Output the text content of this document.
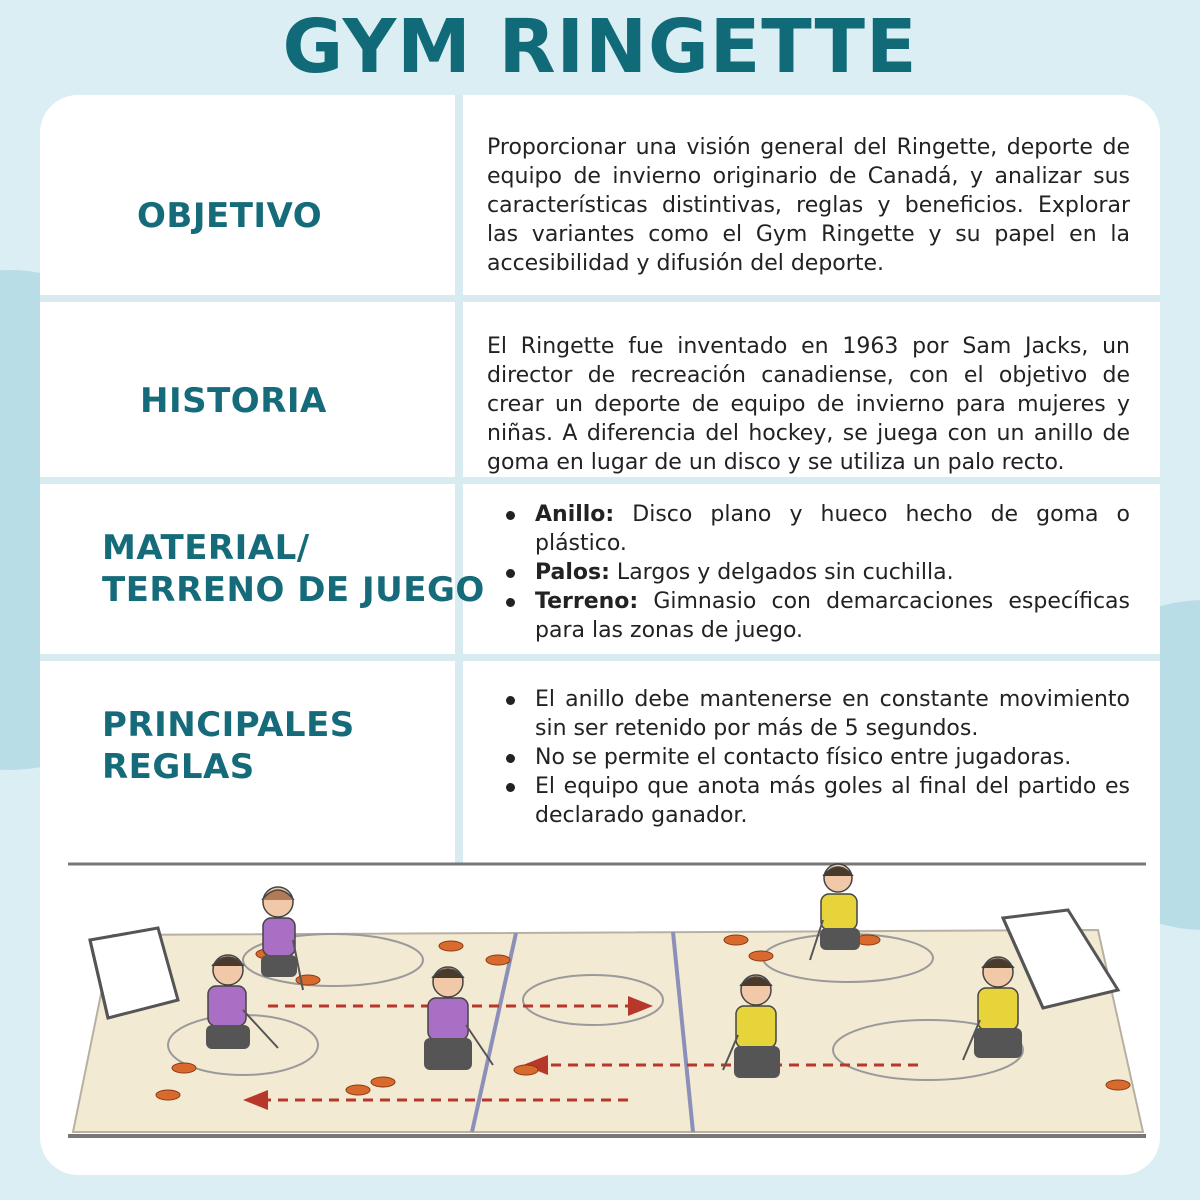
GYM RINGETTE
OBJETIVO

Proporcionar una visión general del Ringette, deporte de equipo de invierno originario de Canadá, y analizar sus características distintivas, reglas y beneficios. Explorar las variantes como el Gym Ringette y su papel en la accesibilidad y difusión del deporte.

HISTORIA

El Ringette fue inventado en 1963 por Sam Jacks, un director de recreación canadiense, con el objetivo de crear un deporte de equipo de invierno para mujeres y niñas. A diferencia del hockey, se juega con un anillo de goma en lugar de un disco y se utiliza un palo recto.

MATERIAL/
TERRENO DE JUEGO
Anillo: Disco plano y hueco hecho de goma o plástico.
Palos: Largos y delgados sin cuchilla.
Terreno: Gimnasio con demarcaciones específicas para las zonas de juego.
PRINCIPALES
REGLAS
El anillo debe mantenerse en constante movimiento sin ser retenido por más de 5 segundos.
No se permite el contacto físico entre jugadoras.
El equipo que anota más goles al final del partido es declarado ganador.
